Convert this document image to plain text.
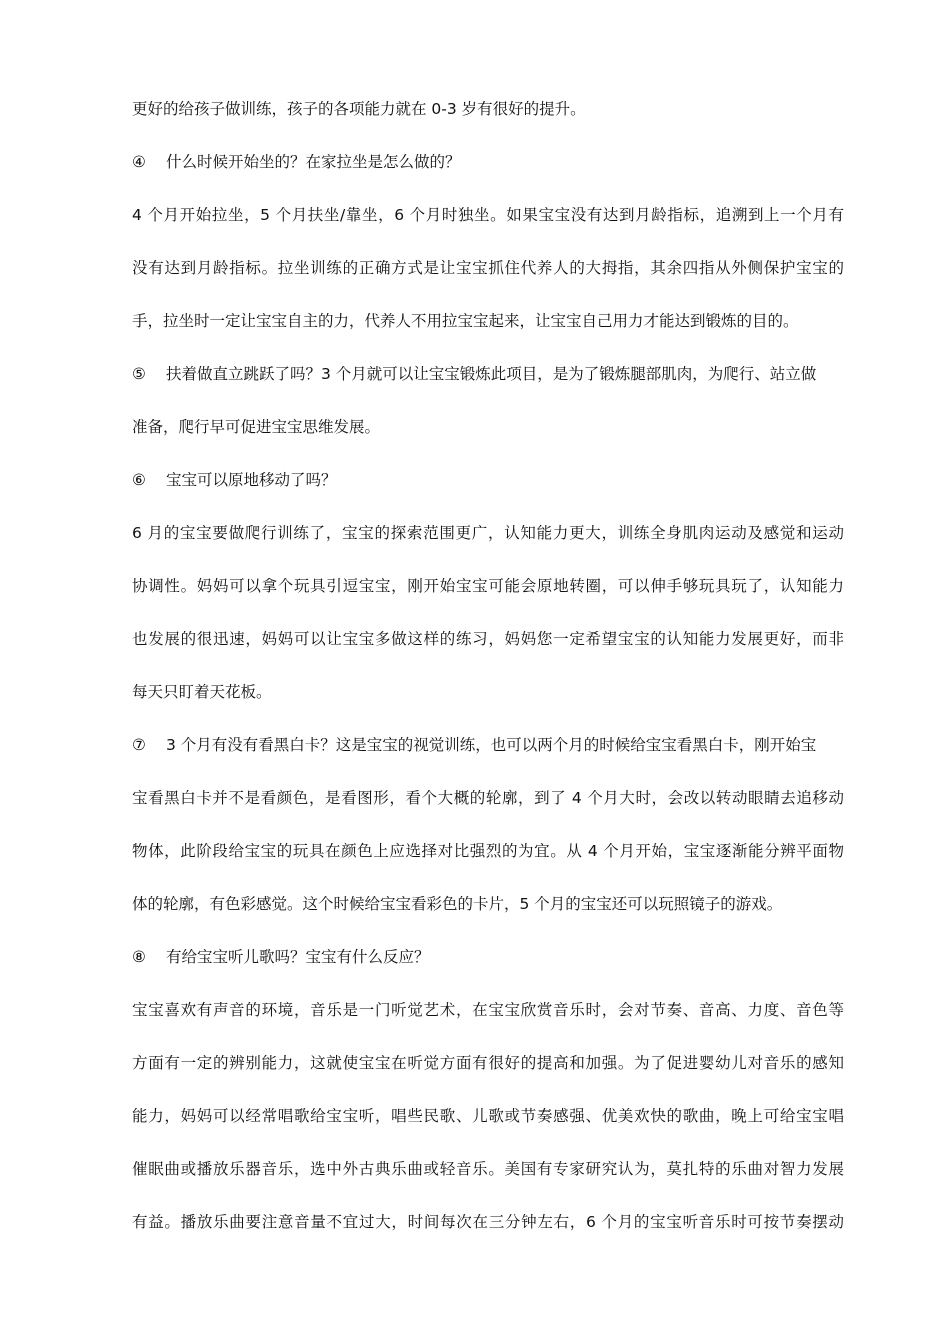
更好的给孩子做训练，孩子的各项能力就在 0-3 岁有很好的提升。
④ 什么时候开始坐的？在家拉坐是怎么做的？
4 个月开始拉坐，5 个月扶坐/靠坐，6 个月时独坐。如果宝宝没有达到月龄指标，追溯到上一个月有
没有达到月龄指标。拉坐训练的正确方式是让宝宝抓住代养人的大拇指，其余四指从外侧保护宝宝的
手，拉坐时一定让宝宝自主的力，代养人不用拉宝宝起来，让宝宝自己用力才能达到锻炼的目的。
⑤ 扶着做直立跳跃了吗？3 个月就可以让宝宝锻炼此项目，是为了锻炼腿部肌肉，为爬行、站立做
准备，爬行早可促进宝宝思维发展。
⑥ 宝宝可以原地移动了吗？
6 月的宝宝要做爬行训练了，宝宝的探索范围更广，认知能力更大，训练全身肌肉运动及感觉和运动
协调性。妈妈可以拿个玩具引逗宝宝，刚开始宝宝可能会原地转圈，可以伸手够玩具玩了，认知能力
也发展的很迅速，妈妈可以让宝宝多做这样的练习，妈妈您一定希望宝宝的认知能力发展更好，而非
每天只盯着天花板。
⑦ 3 个月有没有看黑白卡？这是宝宝的视觉训练，也可以两个月的时候给宝宝看黑白卡，刚开始宝
宝看黑白卡并不是看颜色，是看图形，看个大概的轮廓，到了 4 个月大时，会改以转动眼睛去追移动
物体，此阶段给宝宝的玩具在颜色上应选择对比强烈的为宜。从 4 个月开始，宝宝逐渐能分辨平面物
体的轮廓，有色彩感觉。这个时候给宝宝看彩色的卡片，5 个月的宝宝还可以玩照镜子的游戏。
⑧ 有给宝宝听儿歌吗？宝宝有什么反应？
宝宝喜欢有声音的环境，音乐是一门听觉艺术，在宝宝欣赏音乐时，会对节奏、音高、力度、音色等
方面有一定的辨别能力，这就使宝宝在听觉方面有很好的提高和加强。为了促进婴幼儿对音乐的感知
能力，妈妈可以经常唱歌给宝宝听，唱些民歌、儿歌或节奏感强、优美欢快的歌曲，晚上可给宝宝唱
催眠曲或播放乐器音乐，选中外古典乐曲或轻音乐。美国有专家研究认为，莫扎特的乐曲对智力发展
有益。播放乐曲要注意音量不宜过大，时间每次在三分钟左右，6 个月的宝宝听音乐时可按节奏摆动
